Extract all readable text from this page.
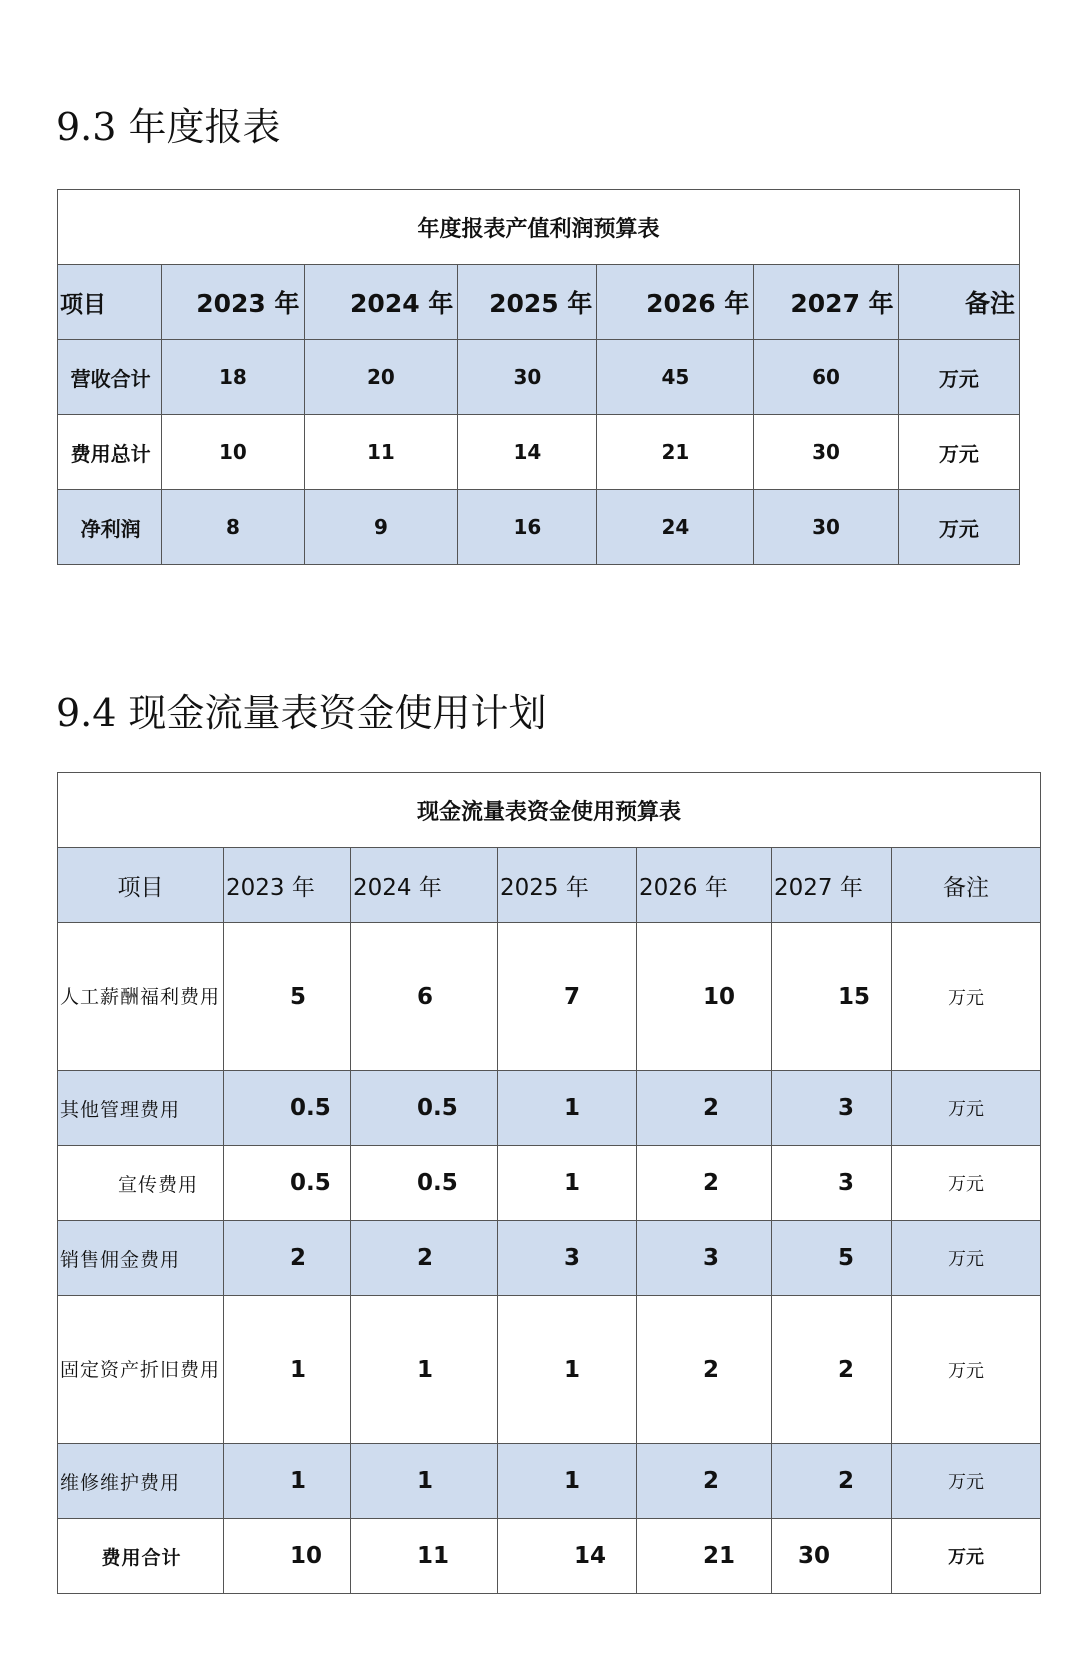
9.3 年度报表
年度报表产值利润预算表						
项目	2023 年	2024 年	2025 年	2026 年	2027 年	备注
营收合计	18	20	30	45	60	万元
费用总计	10	11	14	21	30	万元
净利润	8	9	16	24	30	万元
9.4 现金流量表资金使用计划
现金流量表资金使用预算表						
项目	2023 年	2024 年	2025 年	2026 年	2027 年	备注
人工薪酬福利费用	5	6	7	10	15	万元
其他管理费用	0.5	0.5	1	2	3	万元
宣传费用	0.5	0.5	1	2	3	万元
销售佣金费用	2	2	3	3	5	万元
固定资产折旧费用	1	1	1	2	2	万元
维修维护费用	1	1	1	2	2	万元
费用合计	10	11	14	21	30	万元
